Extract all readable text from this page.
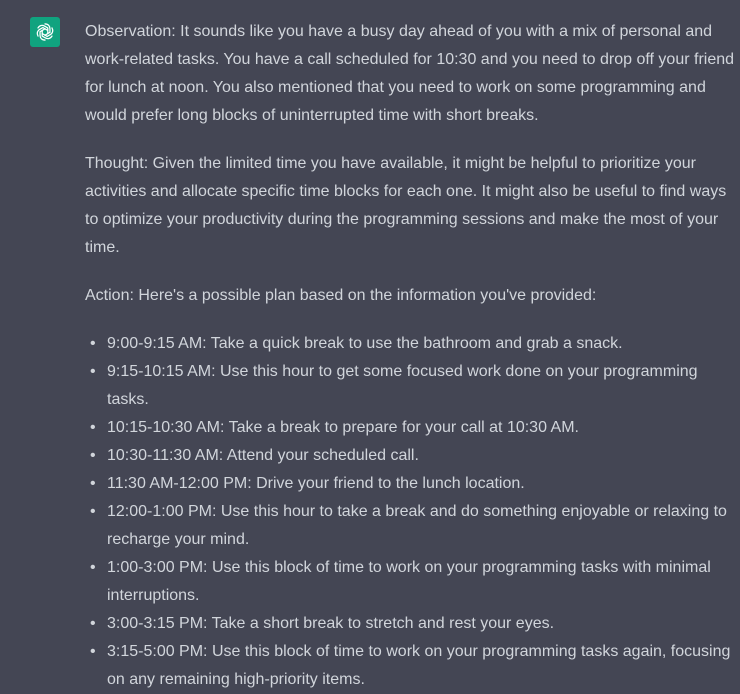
Observation: It sounds like you have a busy day ahead of you with a mix of personal and work-related tasks. You have a call scheduled for 10:30 and you need to drop off your friend for lunch at noon. You also mentioned that you need to work on some programming and would prefer long blocks of uninterrupted time with short breaks.

Thought: Given the limited time you have available, it might be helpful to prioritize your activities and allocate specific time blocks for each one. It might also be useful to find ways to optimize your productivity during the programming sessions and make the most of your time.

Action: Here's a possible plan based on the information you've provided:

• 9:00-9:15 AM: Take a quick break to use the bathroom and grab a snack.
• 9:15-10:15 AM: Use this hour to get some focused work done on your programming tasks.
• 10:15-10:30 AM: Take a break to prepare for your call at 10:30 AM.
• 10:30-11:30 AM: Attend your scheduled call.
• 11:30 AM-12:00 PM: Drive your friend to the lunch location.
• 12:00-1:00 PM: Use this hour to take a break and do something enjoyable or relaxing to recharge your mind.
• 1:00-3:00 PM: Use this block of time to work on your programming tasks with minimal interruptions.
• 3:00-3:15 PM: Take a short break to stretch and rest your eyes.
• 3:15-5:00 PM: Use this block of time to work on your programming tasks again, focusing on any remaining high-priority items.
